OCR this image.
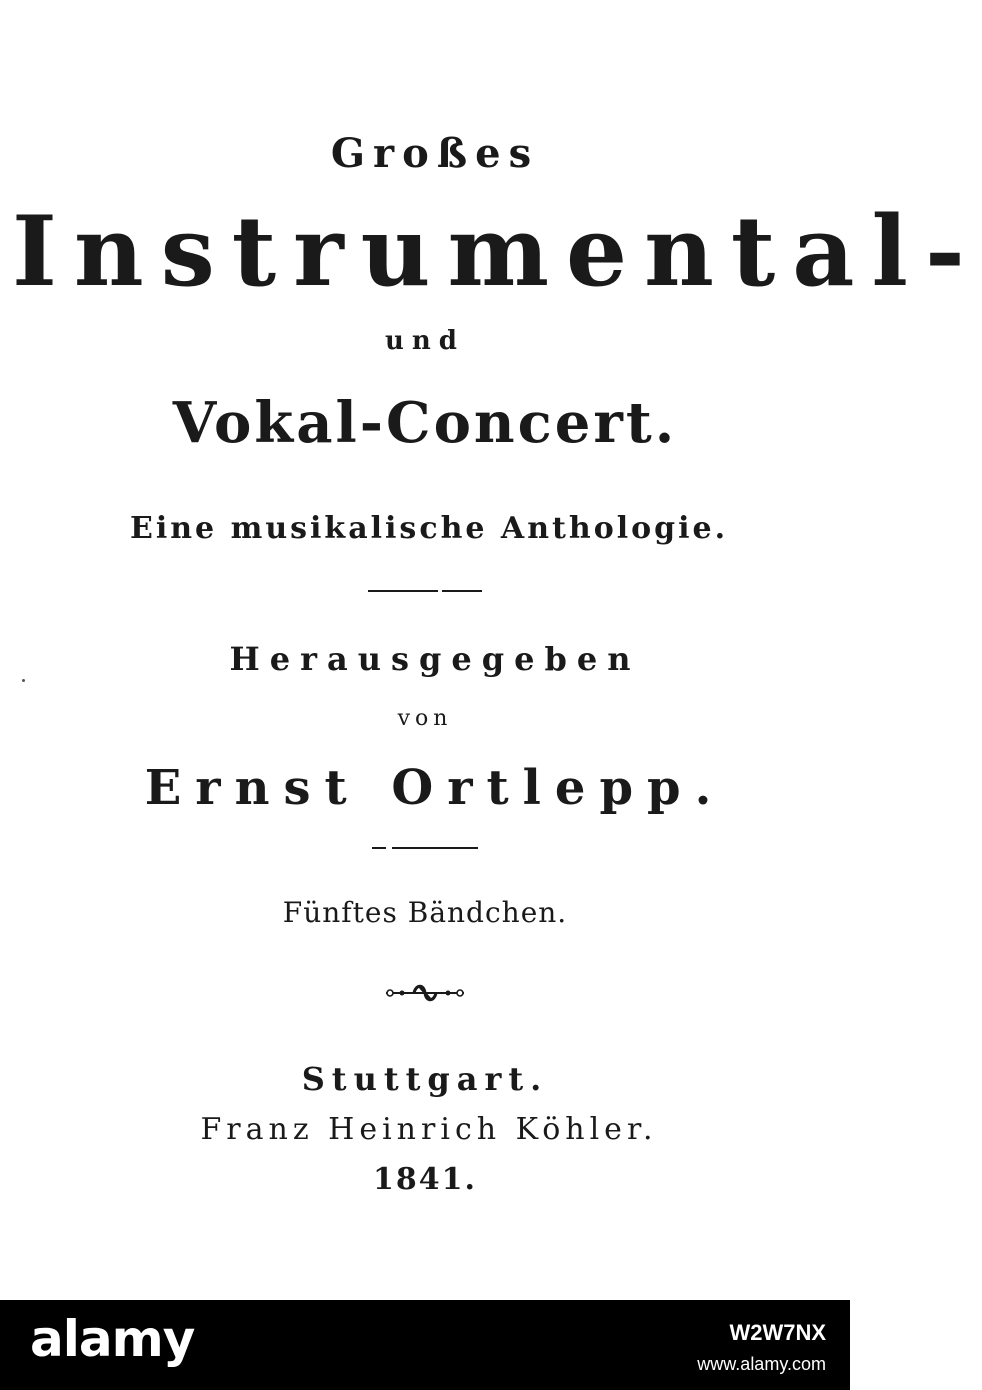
Großes
Instrumental-
und
Vokal-Concert.
Eine musikalische Anthologie.
Herausgegeben
von
Ernst Ortlepp.
Fünftes Bändchen.
Stuttgart.
Franz Heinrich Köhler.
1841.
alamy	W2W7NX
www.alamy.com
